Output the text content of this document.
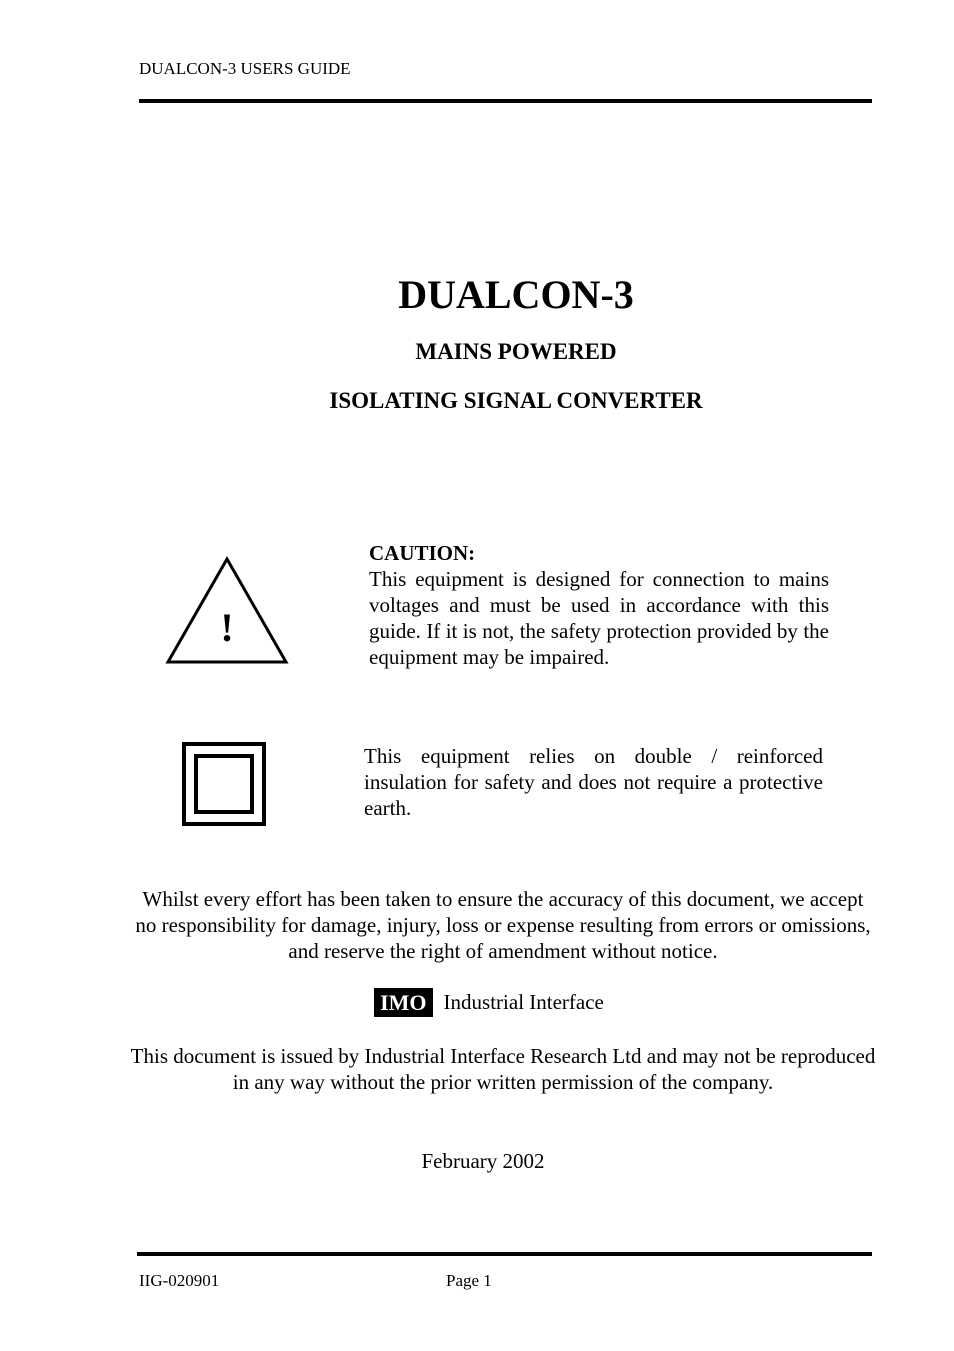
DUALCON-3 USERS GUIDE
DUALCON-3
MAINS POWERED
ISOLATING SIGNAL CONVERTER
!
CAUTION:
This equipment is designed for connection to mains voltages and must be used in accordance with this guide. If it is not, the safety protection provided by the equipment may be impaired.
This equipment relies on double / reinforced insulation for safety and does not require a protective earth.
Whilst every effort has been taken to ensure the accuracy of this document, we accept no responsibility for damage, injury, loss or expense resulting from errors or omissions, and reserve the right of amendment without notice.
IMO Industrial Interface
This document is issued by Industrial Interface Research Ltd and may not be reproduced in any way without the prior written permission of the company.
February 2002
IIG-020901	Page 1
